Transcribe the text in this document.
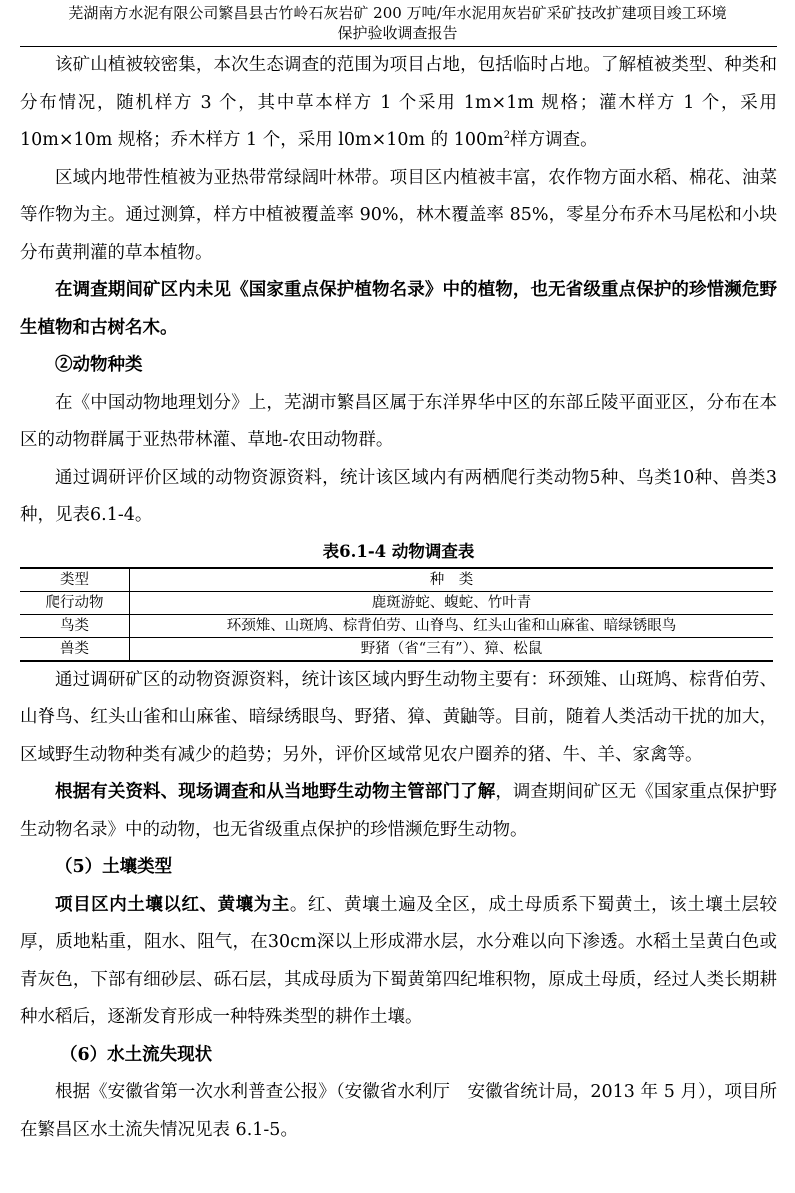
芜湖南方水泥有限公司繁昌县古竹岭石灰岩矿 200 万吨/年水泥用灰岩矿采矿技改扩建项目竣工环境
保护验收调查报告

该矿山植被较密集，本次生态调查的范围为项目占地，包括临时占地。了解植被类型、种类和分布情况，随机样方 3 个，其中草本样方 1 个采用 1m×1m 规格；灌木样方 1 个，采用 10m×10m 规格；乔木样方 1 个，采用 l0m×10m 的 $100m^2$样方调查。

区域内地带性植被为亚热带常绿阔叶林带。项目区内植被丰富，农作物方面水稻、棉花、油菜等作物为主。通过测算，样方中植被覆盖率 90%，林木覆盖率 85%，零星分布乔木马尾松和小块分布黄荆灌的草本植物。

在调查期间矿区内未见《国家重点保护植物名录》中的植物，也无省级重点保护的珍惜濒危野生植物和古树名木。

②动物种类

在《中国动物地理划分》上，芜湖市繁昌区属于东洋界华中区的东部丘陵平面亚区，分布在本区的动物群属于亚热带林灌、草地-农田动物群。

通过调研评价区域的动物资源资料，统计该区域内有两栖爬行类动物5种、鸟类10种、兽类3种，见表6.1-4。

表6.1-4 动物调查表
类型	种　类
爬行动物	鹿斑游蛇、蝮蛇、竹叶青
鸟类	环颈雉、山斑鸠、棕背伯劳、山脊鸟、红头山雀和山麻雀、暗绿锈眼鸟
兽类	野猪（省“三有”）、獐、松鼠

通过调研矿区的动物资源资料，统计该区域内野生动物主要有：环颈雉、山斑鸠、棕背伯劳、山脊鸟、红头山雀和山麻雀、暗绿绣眼鸟、野猪、獐、黄鼬等。目前，随着人类活动干扰的加大，区域野生动物种类有减少的趋势；另外，评价区域常见农户圈养的猪、牛、羊、家禽等。

根据有关资料、现场调查和从当地野生动物主管部门了解，调查期间矿区无《国家重点保护野生动物名录》中的动物，也无省级重点保护的珍惜濒危野生动物。

（5）土壤类型

项目区内土壤以红、黄壤为主。红、黄壤土遍及全区，成土母质系下蜀黄土，该土壤土层较厚，质地粘重，阻水、阻气，在30cm深以上形成滞水层，水分难以向下渗透。水稻土呈黄白色或青灰色，下部有细砂层、砾石层，其成母质为下蜀黄第四纪堆积物，原成土母质，经过人类长期耕种水稻后，逐渐发育形成一种特殊类型的耕作土壤。

（6）水土流失现状

根据《安徽省第一次水利普查公报》（安徽省水利厅　安徽省统计局，2013 年 5 月），项目所在繁昌区水土流失情况见表 6.1-5。
